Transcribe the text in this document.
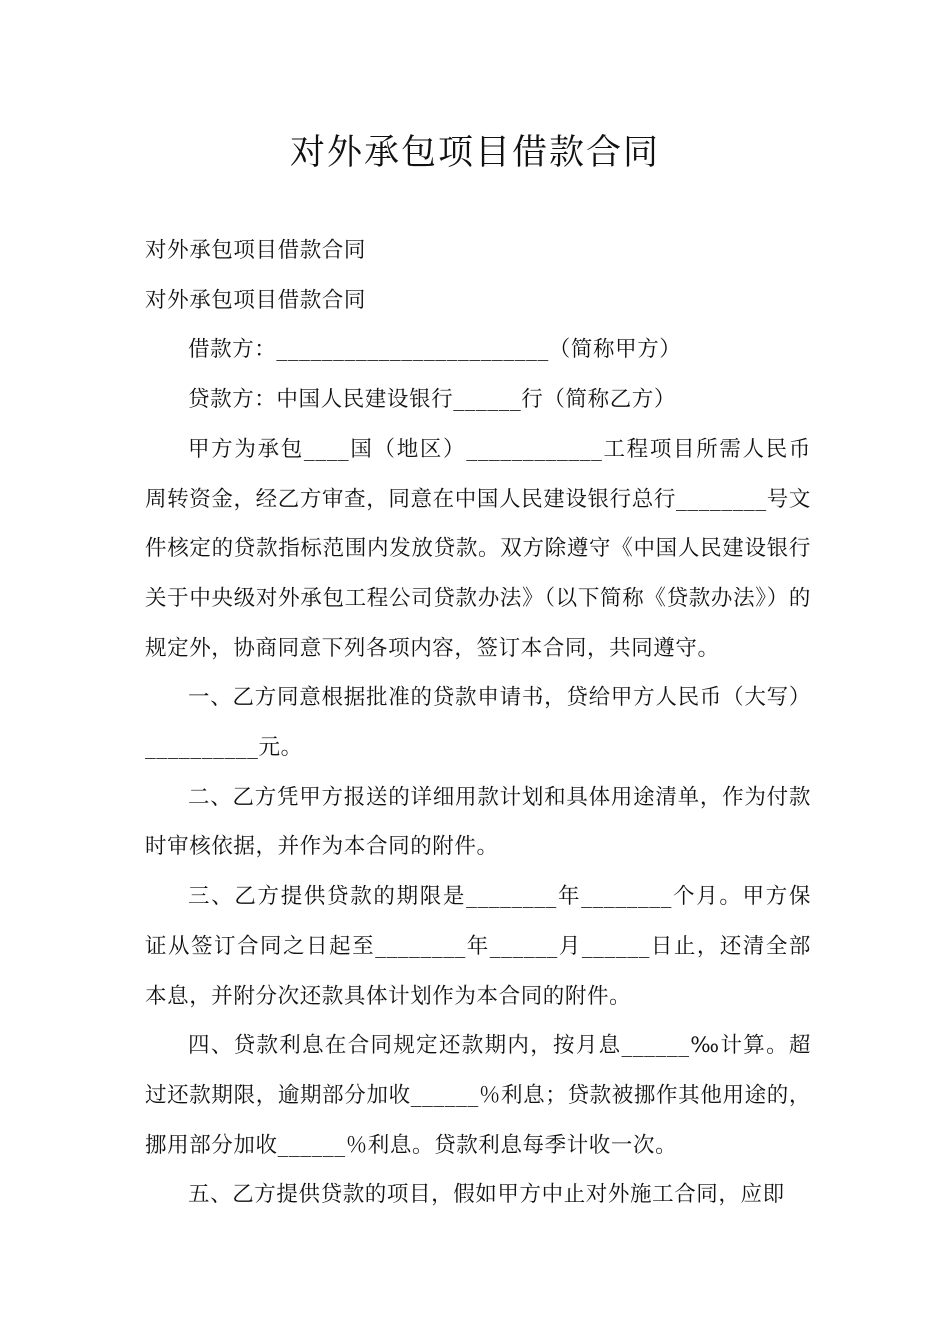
对外承包项目借款合同

对外承包项目借款合同

对外承包项目借款合同

借款方：________________________（简称甲方）

贷款方：中国人民建设银行______行（简称乙方）

甲方为承包____国（地区）____________工程项目所需人民币周转资金，经乙方审查，同意在中国人民建设银行总行________号文件核定的贷款指标范围内发放贷款。双方除遵守《中国人民建设银行关于中央级对外承包工程公司贷款办法》（以下简称《贷款办法》）的规定外，协商同意下列各项内容，签订本合同，共同遵守。

一、乙方同意根据批准的贷款申请书，贷给甲方人民币（大写）__________元。

二、乙方凭甲方报送的详细用款计划和具体用途清单，作为付款时审核依据，并作为本合同的附件。

三、乙方提供贷款的期限是________年________个月。甲方保证从签订合同之日起至________年______月______日止，还清全部本息，并附分次还款具体计划作为本合同的附件。

四、贷款利息在合同规定还款期内，按月息______‰计算。超过还款期限，逾期部分加收______％利息；贷款被挪作其他用途的，挪用部分加收______％利息。贷款利息每季计收一次。

五、乙方提供贷款的项目，假如甲方中止对外施工合同，应即
